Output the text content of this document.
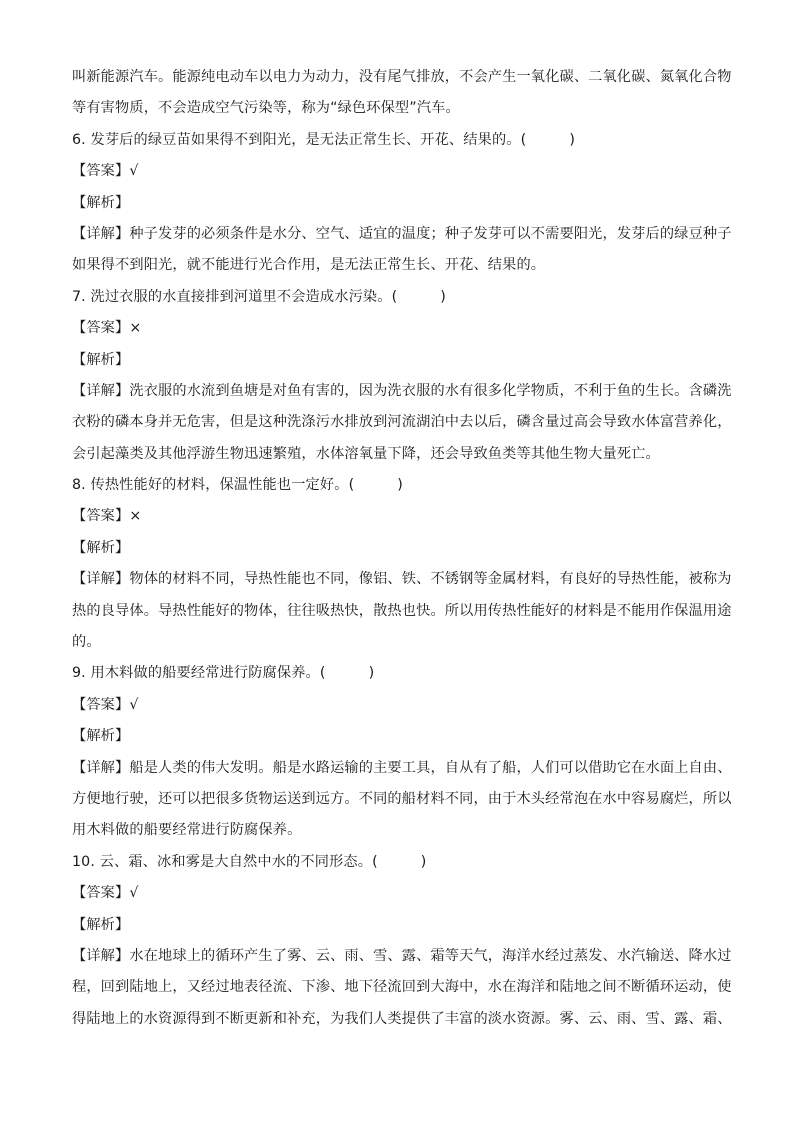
叫新能源汽车。能源纯电动车以电力为动力，没有尾气排放，不会产生一氧化碳、二氧化碳、氮氧化合物
等有害物质，不会造成空气污染等，称为“绿色环保型”汽车。
6. 发芽后的绿豆苗如果得不到阳光，是无法正常生长、开花、结果的。(　　　)
【答案】√
【解析】
【详解】种子发芽的必须条件是水分、空气、适宜的温度；种子发芽可以不需要阳光，发芽后的绿豆种子
如果得不到阳光，就不能进行光合作用，是无法正常生长、开花、结果的。
7. 洗过衣服的水直接排到河道里不会造成水污染。(　　　)
【答案】×
【解析】
【详解】洗衣服的水流到鱼塘是对鱼有害的，因为洗衣服的水有很多化学物质，不利于鱼的生长。含磷洗
衣粉的磷本身并无危害，但是这种洗涤污水排放到河流湖泊中去以后，磷含量过高会导致水体富营养化，
会引起藻类及其他浮游生物迅速繁殖，水体溶氧量下降，还会导致鱼类等其他生物大量死亡。
8. 传热性能好的材料，保温性能也一定好。(　　　)
【答案】×
【解析】
【详解】物体的材料不同，导热性能也不同，像铝、铁、不锈钢等金属材料，有良好的导热性能，被称为
热的良导体。导热性能好的物体，往往吸热快，散热也快。所以用传热性能好的材料是不能用作保温用途
的。
9. 用木料做的船要经常进行防腐保养。(　　　)
【答案】√
【解析】
【详解】船是人类的伟大发明。船是水路运输的主要工具，自从有了船，人们可以借助它在水面上自由、
方便地行驶，还可以把很多货物运送到远方。不同的船材料不同，由于木头经常泡在水中容易腐烂，所以
用木料做的船要经常进行防腐保养。
10. 云、霜、冰和雾是大自然中水的不同形态。(　　　)
【答案】√
【解析】
【详解】水在地球上的循环产生了雾、云、雨、雪、露、霜等天气，海洋水经过蒸发、水汽输送、降水过
程，回到陆地上，又经过地表径流、下渗、地下径流回到大海中，水在海洋和陆地之间不断循环运动，使
得陆地上的水资源得到不断更新和补充，为我们人类提供了丰富的淡水资源。雾、云、雨、雪、露、霜、
